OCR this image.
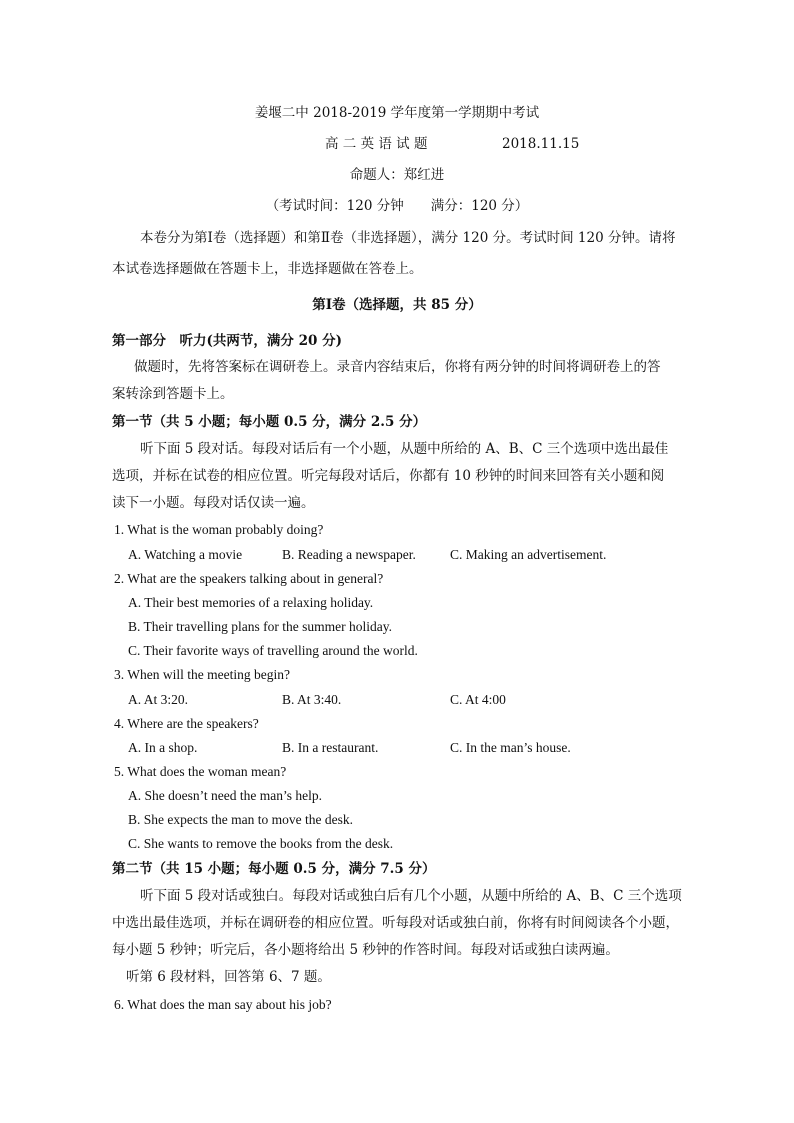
姜堰二中 2018-2019 学年度第一学期期中考试
高 二 英 语 试 题	2018.11.15
命题人：郑红进
（考试时间：120 分钟　　满分：120 分）
本卷分为第Ⅰ卷（选择题）和第Ⅱ卷（非选择题），满分 120 分。考试时间 120 分钟。请将
本试卷选择题做在答题卡上，非选择题做在答卷上。
第Ⅰ卷（选择题，共 85 分）
第一部分　听力(共两节，满分 20 分)
做题时，先将答案标在调研卷上。录音内容结束后，你将有两分钟的时间将调研卷上的答
案转涂到答题卡上。
第一节（共 5 小题；每小题 0.5 分，满分 2.5 分）
听下面 5 段对话。每段对话后有一个小题，从题中所给的 A、B、C 三个选项中选出最佳
选项，并标在试卷的相应位置。听完每段对话后，你都有 10 秒钟的时间来回答有关小题和阅
读下一小题。每段对话仅读一遍。
1. What is the woman probably doing?
A. Watching a movie	B. Reading a newspaper.	C. Making an advertisement.
2. What are the speakers talking about in general?
A. Their best memories of a relaxing holiday.
B. Their travelling plans for the summer holiday.
C. Their favorite ways of travelling around the world.
3. When will the meeting begin?
A. At 3:20.	B. At 3:40.	C. At 4:00
4. Where are the speakers?
A. In a shop.	B. In a restaurant.	C. In the man’s house.
5. What does the woman mean?
A. She doesn’t need the man’s help.
B. She expects the man to move the desk.
C. She wants to remove the books from the desk.
第二节（共 15 小题；每小题 0.5 分，满分 7.5 分）
听下面 5 段对话或独白。每段对话或独白后有几个小题，从题中所给的 A、B、C 三个选项
中选出最佳选项，并标在调研卷的相应位置。听每段对话或独白前，你将有时间阅读各个小题，
每小题 5 秒钟；听完后，各小题将给出 5 秒钟的作答时间。每段对话或独白读两遍。
听第 6 段材料，回答第 6、7 题。
6. What does the man say about his job?
